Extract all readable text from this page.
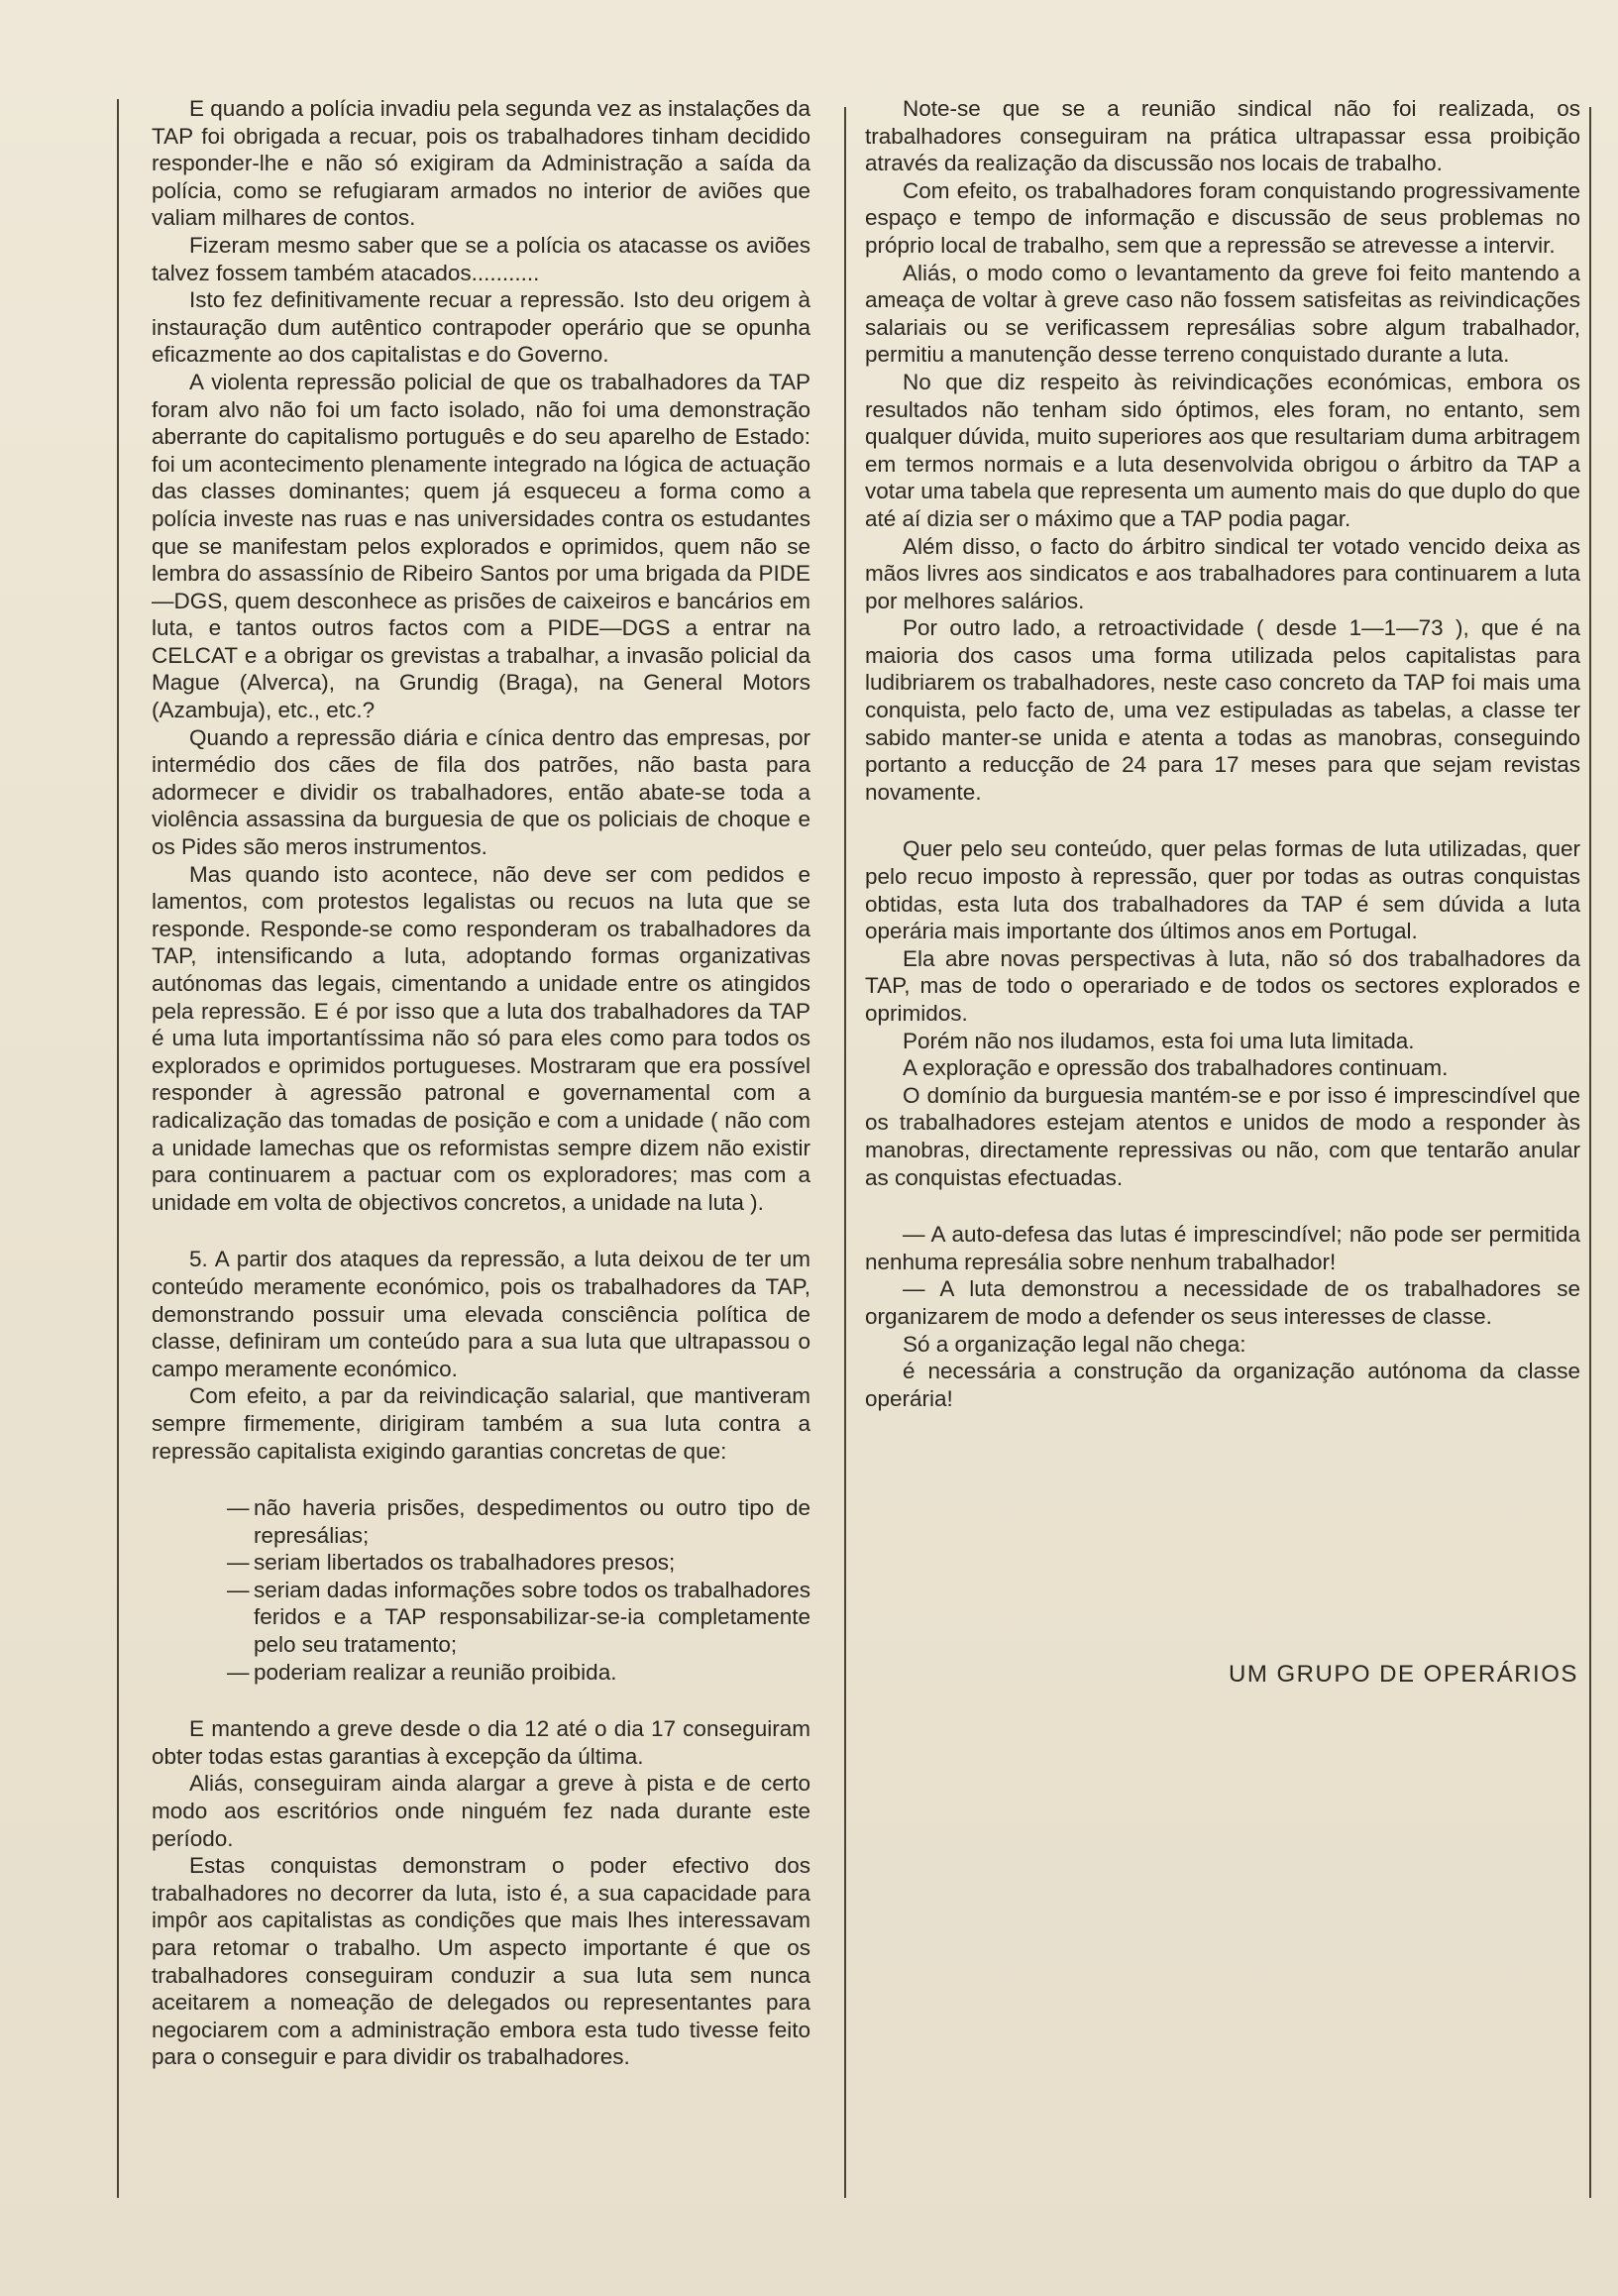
E quando a polícia invadiu pela segunda vez as instalações da TAP foi obrigada a recuar, pois os trabalhadores tinham decidido responder-lhe e não só exigiram da Administração a saída da polícia, como se refugiaram armados no interior de aviões que valiam milhares de contos.

Fizeram mesmo saber que se a polícia os atacasse os aviões talvez fossem também atacados...........

Isto fez definitivamente recuar a repressão. Isto deu origem à instauração dum autêntico contrapoder operário que se opunha eficazmente ao dos capitalistas e do Governo.

A violenta repressão policial de que os trabalhadores da TAP foram alvo não foi um facto isolado, não foi uma demonstração aberrante do capitalismo português e do seu aparelho de Estado: foi um acontecimento plenamente integrado na lógica de actuação das classes dominantes; quem já esqueceu a forma como a polícia investe nas ruas e nas universidades contra os estudantes que se manifestam pelos explorados e oprimidos, quem não se lembra do assassínio de Ribeiro Santos por uma brigada da PIDE—DGS, quem desconhece as prisões de caixeiros e bancários em luta, e tantos outros factos com a PIDE—DGS a entrar na CELCAT e a obrigar os grevistas a trabalhar, a invasão policial da Mague (Alverca), na Grundig (Braga), na General Motors (Azambuja), etc., etc.?

Quando a repressão diária e cínica dentro das empresas, por intermédio dos cães de fila dos patrões, não basta para adormecer e dividir os trabalhadores, então abate-se toda a violência assassina da burguesia de que os policiais de choque e os Pides são meros instrumentos.

Mas quando isto acontece, não deve ser com pedidos e lamentos, com protestos legalistas ou recuos na luta que se responde. Responde-se como responderam os trabalhadores da TAP, intensificando a luta, adoptando formas organizativas autónomas das legais, cimentando a unidade entre os atingidos pela repressão. E é por isso que a luta dos trabalhadores da TAP é uma luta importantíssima não só para eles como para todos os explorados e oprimidos portugueses. Mostraram que era possível responder à agressão patronal e governamental com a radicalização das tomadas de posição e com a unidade ( não com a unidade lamechas que os reformistas sempre dizem não existir para continuarem a pactuar com os exploradores; mas com a unidade em volta de objectivos concretos, a unidade na luta ).

5. A partir dos ataques da repressão, a luta deixou de ter um conteúdo meramente económico, pois os trabalhadores da TAP, demonstrando possuir uma elevada consciência política de classe, definiram um conteúdo para a sua luta que ultrapassou o campo meramente económico.

Com efeito, a par da reivindicação salarial, que mantiveram sempre firmemente, dirigiram também a sua luta contra a repressão capitalista exigindo garantias concretas de que:

— não haveria prisões, despedimentos ou outro tipo de represálias;
— seriam libertados os trabalhadores presos;
— seriam dadas informações sobre todos os trabalhadores feridos e a TAP responsabilizar-se-ia completamente pelo seu tratamento;
— poderiam realizar a reunião proibida.

E mantendo a greve desde o dia 12 até o dia 17 conseguiram obter todas estas garantias à excepção da última.

Aliás, conseguiram ainda alargar a greve à pista e de certo modo aos escritórios onde ninguém fez nada durante este período.

Estas conquistas demonstram o poder efectivo dos trabalhadores no decorrer da luta, isto é, a sua capacidade para impôr aos capitalistas as condições que mais lhes interessavam para retomar o trabalho. Um aspecto importante é que os trabalhadores conseguiram conduzir a sua luta sem nunca aceitarem a nomeação de delegados ou representantes para negociarem com a administração embora esta tudo tivesse feito para o conseguir e para dividir os trabalhadores.

Note-se que se a reunião sindical não foi realizada, os trabalhadores conseguiram na prática ultrapassar essa proibição através da realização da discussão nos locais de trabalho.

Com efeito, os trabalhadores foram conquistando progressivamente espaço e tempo de informação e discussão de seus problemas no próprio local de trabalho, sem que a repressão se atrevesse a intervir.

Aliás, o modo como o levantamento da greve foi feito mantendo a ameaça de voltar à greve caso não fossem satisfeitas as reivindicações salariais ou se verificassem represálias sobre algum trabalhador, permitiu a manutenção desse terreno conquistado durante a luta.

No que diz respeito às reivindicações económicas, embora os resultados não tenham sido óptimos, eles foram, no entanto, sem qualquer dúvida, muito superiores aos que resultariam duma arbitragem em termos normais e a luta desenvolvida obrigou o árbitro da TAP a votar uma tabela que representa um aumento mais do que duplo do que até aí dizia ser o máximo que a TAP podia pagar.

Além disso, o facto do árbitro sindical ter votado vencido deixa as mãos livres aos sindicatos e aos trabalhadores para continuarem a luta por melhores salários.

Por outro lado, a retroactividade ( desde 1—1—73 ), que é na maioria dos casos uma forma utilizada pelos capitalistas para ludibriarem os trabalhadores, neste caso concreto da TAP foi mais uma conquista, pelo facto de, uma vez estipuladas as tabelas, a classe ter sabido manter-se unida e atenta a todas as manobras, conseguindo portanto a reducção de 24 para 17 meses para que sejam revistas novamente.

Quer pelo seu conteúdo, quer pelas formas de luta utilizadas, quer pelo recuo imposto à repressão, quer por todas as outras conquistas obtidas, esta luta dos trabalhadores da TAP é sem dúvida a luta operária mais importante dos últimos anos em Portugal.

Ela abre novas perspectivas à luta, não só dos trabalhadores da TAP, mas de todo o operariado e de todos os sectores explorados e oprimidos.

Porém não nos iludamos, esta foi uma luta limitada.

A exploração e opressão dos trabalhadores continuam.

O domínio da burguesia mantém-se e por isso é imprescindível que os trabalhadores estejam atentos e unidos de modo a responder às manobras, directamente repressivas ou não, com que tentarão anular as conquistas efectuadas.

— A auto-defesa das lutas é imprescindível; não pode ser permitida nenhuma represália sobre nenhum trabalhador!

— A luta demonstrou a necessidade de os trabalhadores se organizarem de modo a defender os seus interesses de classe.

Só a organização legal não chega:

é necessária a construção da organização autónoma da classe operária!

UM GRUPO DE OPERÁRIOS
